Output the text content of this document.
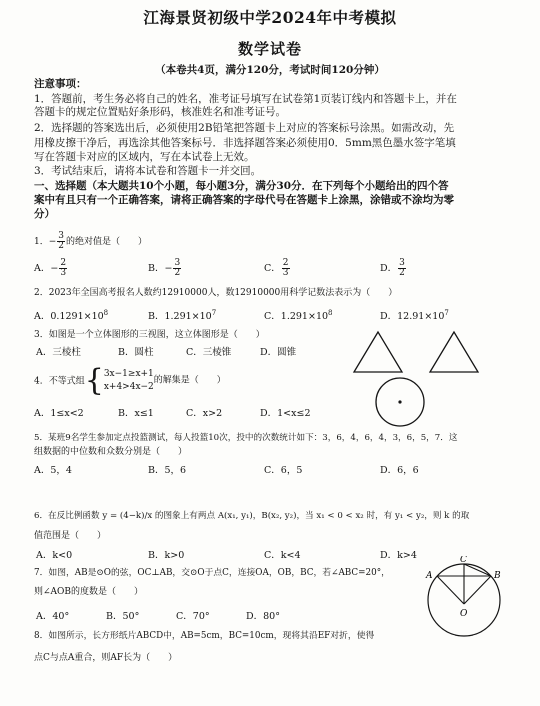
江海景贤初级中学2024年中考模拟
数学试卷
（本卷共4页，满分120分，考试时间120分钟）
注意事项：
1．答题前，考生务必将自己的姓名，准考证号填写在试卷第1页装订线内和答题卡上，并在
答题卡的规定位置贴好条形码，核准姓名和准考证号。
2．选择题的答案选出后，必须使用2B铅笔把答题卡上对应的答案标号涂黑。如需改动，先
用橡皮擦干净后，再选涂其他答案标号．非选择题答案必须使用0．5mm黑色墨水签字笔填
写在答题卡对应的区域内，写在本试卷上无效。
3．考试结束后，请将本试卷和答题卡一并交回。
一、选择题（本大题共10个小题，每小题3分，满分30分．在下列每个小题给出的四个答
案中有且只有一个正确答案，请将正确答案的字母代号在答题卡上涂黑，涂错或不涂均为零
分）
1．− $\frac{3}{2}$ 的绝对值是（　　）
A．− $\frac{2}{3}$	B．− $\frac{3}{2}$	C． $\frac{2}{3}$	D． $\frac{3}{2}$
2．2023年全国高考报名人数约12910000人，数12910000用科学记数法表示为（　　）
A．$0.1291\times 10^8$	B．$1.291\times 10^7$	C．$1.291\times 10^8$	D．$12.91\times 10^7$
3．如图是一个立体图形的三视图，这立体图形是（　　）
A．三棱柱	B．圆柱	C．三棱锥	D．圆锥
4．不等式组{ 3x−1≥x+1
x+4>4x−2
的解集是（　　）
A．1≤x<2	B．x≤1	C．x>2	D．1<x≤2
5．某班9名学生参加定点投篮测试，每人投篮10次，投中的次数统计如下：3，6，4，6，4，3，6，5，7．这
组数据的中位数和众数分别是（　　）
A．5，4	B．5，6	C．6，5	D．6，6
6．在反比例函数 y = (4−k)/x 的图象上有两点 A(x₁, y₁)，B(x₂, y₂)，当 x₁ < 0 < x₂ 时，有 y₁ < y₂，则 k 的取
值范围是（　　）
A．k<0	B．k>0	C．k<4	D．k>4
7．如图，AB是⊙O的弦，OC⊥AB，交⊙O于点C，连接OA，OB，BC，若∠ABC=20°，
则∠AOB的度数是（　　）
A．40°	B．50°	C．70°	D．80°
A
C
B
O
8．如图所示，长方形纸片ABCD中，AB=5cm，BC=10cm，现将其沿EF对折，使得
点C与点A重合，则AF长为（　　）
